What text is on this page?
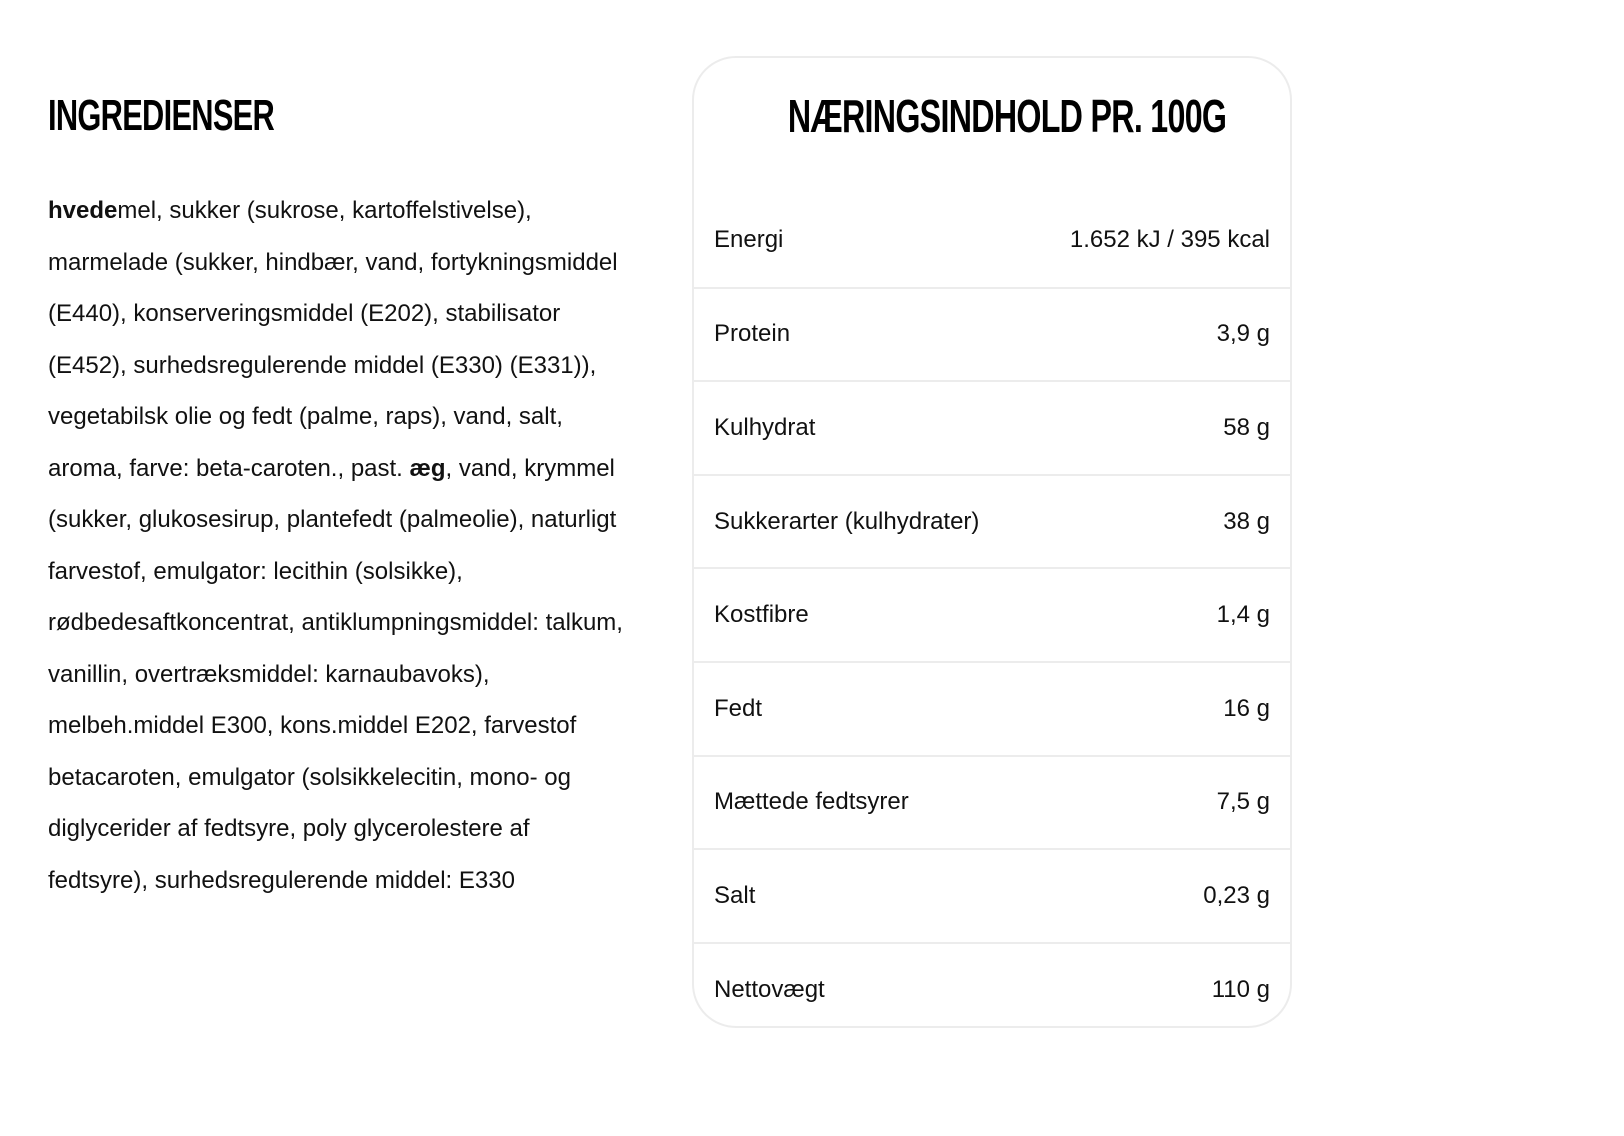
INGREDIENSER

hvedemel, sukker (sukrose, kartoffelstivelse), marmelade (sukker, hindbær, vand, fortykningsmiddel (E440), konserveringsmiddel (E202), stabilisator (E452), surhedsregulerende middel (E330) (E331)), vegetabilsk olie og fedt (palme, raps), vand, salt, aroma, farve: beta-caroten., past. æg, vand, krymmel (sukker, glukosesirup, plantefedt (palmeolie), naturligt farvestof, emulgator: lecithin (solsikke), rødbedesaftkoncentrat, antiklumpningsmiddel: talkum, vanillin, overtræksmiddel: karnaubavoks), melbeh.middel E300, kons.middel E202, farvestof betacaroten, emulgator (solsikkelecitin, mono- og diglycerider af fedtsyre, poly glycerolestere af fedtsyre), surhedsregulerende middel: E330

NÆRINGSINDHOLD PR. 100G
Energi	1.652 kJ / 395 kcal
Protein	3,9 g
Kulhydrat	58 g
Sukkerarter (kulhydrater)	38 g
Kostfibre	1,4 g
Fedt	16 g
Mættede fedtsyrer	7,5 g
Salt	0,23 g
Nettovægt	110 g
